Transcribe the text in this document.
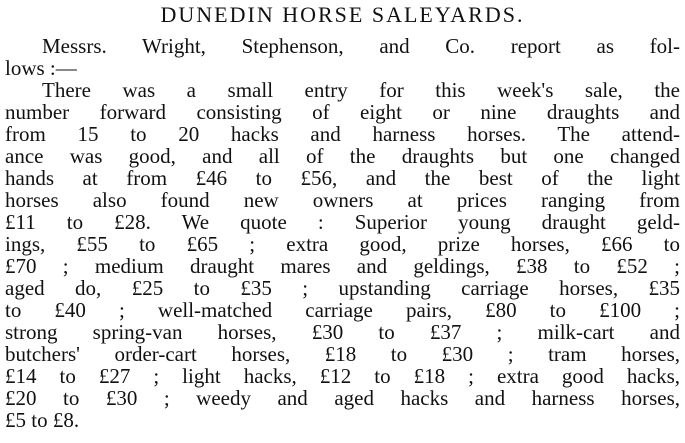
DUNEDIN HORSE SALEYARDS.
Messrs. Wright, Stephenson, and Co. report as fol-
lows :—
There was a small entry for this week's sale, the
number forward consisting of eight or nine draughts and
from 15 to 20 hacks and harness horses. The attend-
ance was good, and all of the draughts but one changed
hands at from £46 to £56, and the best of the light
horses also found new owners at prices ranging from
£11 to £28. We quote : Superior young draught geld-
ings, £55 to £65 ; extra good, prize horses, £66 to
£70 ; medium draught mares and geldings, £38 to £52 ;
aged do, £25 to £35 ; upstanding carriage horses, £35
to £40 ; well-matched carriage pairs, £80 to £100 ;
strong spring-van horses, £30 to £37 ; milk-cart and
butchers' order-cart horses, £18 to £30 ; tram horses,
£14 to £27 ; light hacks, £12 to £18 ; extra good hacks,
£20 to £30 ; weedy and aged hacks and harness horses,
£5 to £8.
